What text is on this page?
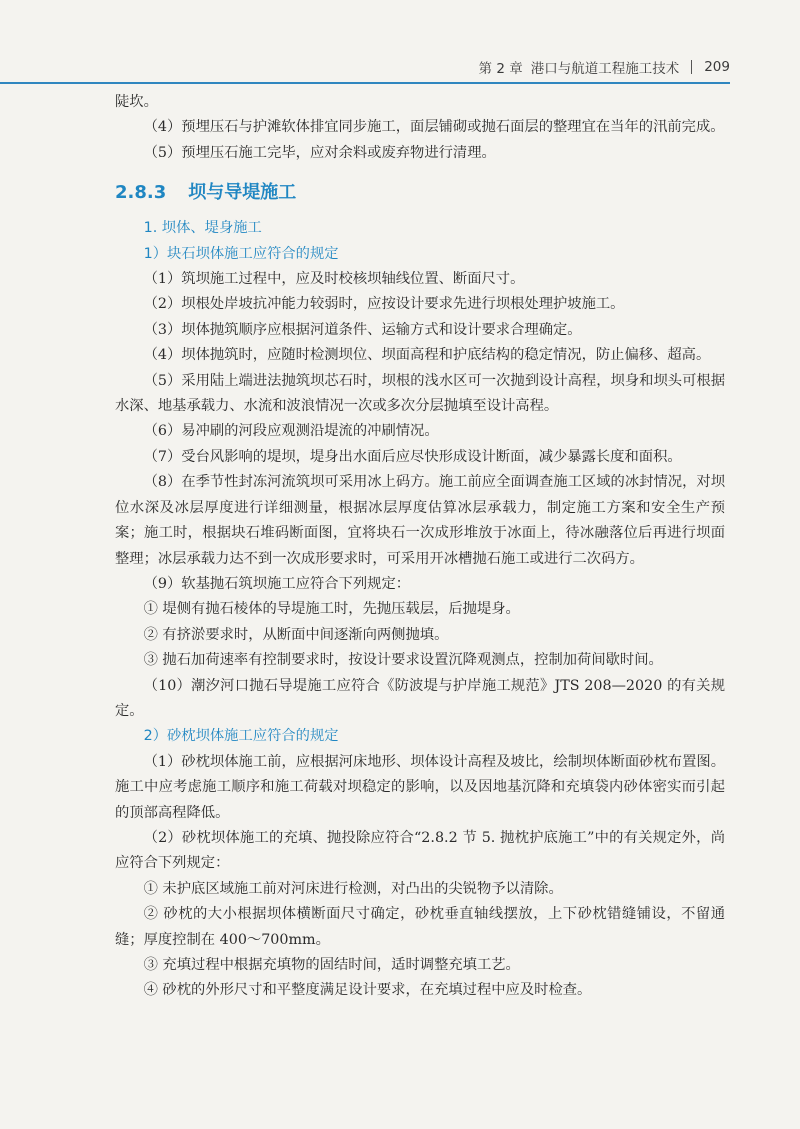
第 2 章 港口与航道工程施工技术 209

陡坎。

（4）预埋压石与护滩软体排宜同步施工，面层铺砌或抛石面层的整理宜在当年的汛前完成。

（5）预埋压石施工完毕，应对余料或废弃物进行清理。

2.8.3 坝与导堤施工

1. 坝体、堤身施工

1）块石坝体施工应符合的规定

（1）筑坝施工过程中，应及时校核坝轴线位置、断面尺寸。

（2）坝根处岸坡抗冲能力较弱时，应按设计要求先进行坝根处理护坡施工。

（3）坝体抛筑顺序应根据河道条件、运输方式和设计要求合理确定。

（4）坝体抛筑时，应随时检测坝位、坝面高程和护底结构的稳定情况，防止偏移、超高。

（5）采用陆上端进法抛筑坝芯石时，坝根的浅水区可一次抛到设计高程，坝身和坝头可根据水深、地基承载力、水流和波浪情况一次或多次分层抛填至设计高程。

（6）易冲刷的河段应观测沿堤流的冲刷情况。

（7）受台风影响的堤坝，堤身出水面后应尽快形成设计断面，减少暴露长度和面积。

（8）在季节性封冻河流筑坝可采用冰上码方。施工前应全面调查施工区域的冰封情况，对坝位水深及冰层厚度进行详细测量，根据冰层厚度估算冰层承载力，制定施工方案和安全生产预案；施工时，根据块石堆码断面图，宜将块石一次成形堆放于冰面上，待冰融落位后再进行坝面整理；冰层承载力达不到一次成形要求时，可采用开冰槽抛石施工或进行二次码方。

（9）软基抛石筑坝施工应符合下列规定：

① 堤侧有抛石棱体的导堤施工时，先抛压载层，后抛堤身。

② 有挤淤要求时，从断面中间逐渐向两侧抛填。

③ 抛石加荷速率有控制要求时，按设计要求设置沉降观测点，控制加荷间歇时间。

（10）潮汐河口抛石导堤施工应符合《防波堤与护岸施工规范》JTS 208—2020 的有关规定。

2）砂枕坝体施工应符合的规定

（1）砂枕坝体施工前，应根据河床地形、坝体设计高程及坡比，绘制坝体断面砂枕布置图。施工中应考虑施工顺序和施工荷载对坝稳定的影响，以及因地基沉降和充填袋内砂体密实而引起的顶部高程降低。

（2）砂枕坝体施工的充填、抛投除应符合“2.8.2 节 5. 抛枕护底施工”中的有关规定外，尚应符合下列规定：

① 未护底区域施工前对河床进行检测，对凸出的尖锐物予以清除。

② 砂枕的大小根据坝体横断面尺寸确定，砂枕垂直轴线摆放，上下砂枕错缝铺设，不留通缝；厚度控制在 400～700mm。

③ 充填过程中根据充填物的固结时间，适时调整充填工艺。

④ 砂枕的外形尺寸和平整度满足设计要求，在充填过程中应及时检查。
